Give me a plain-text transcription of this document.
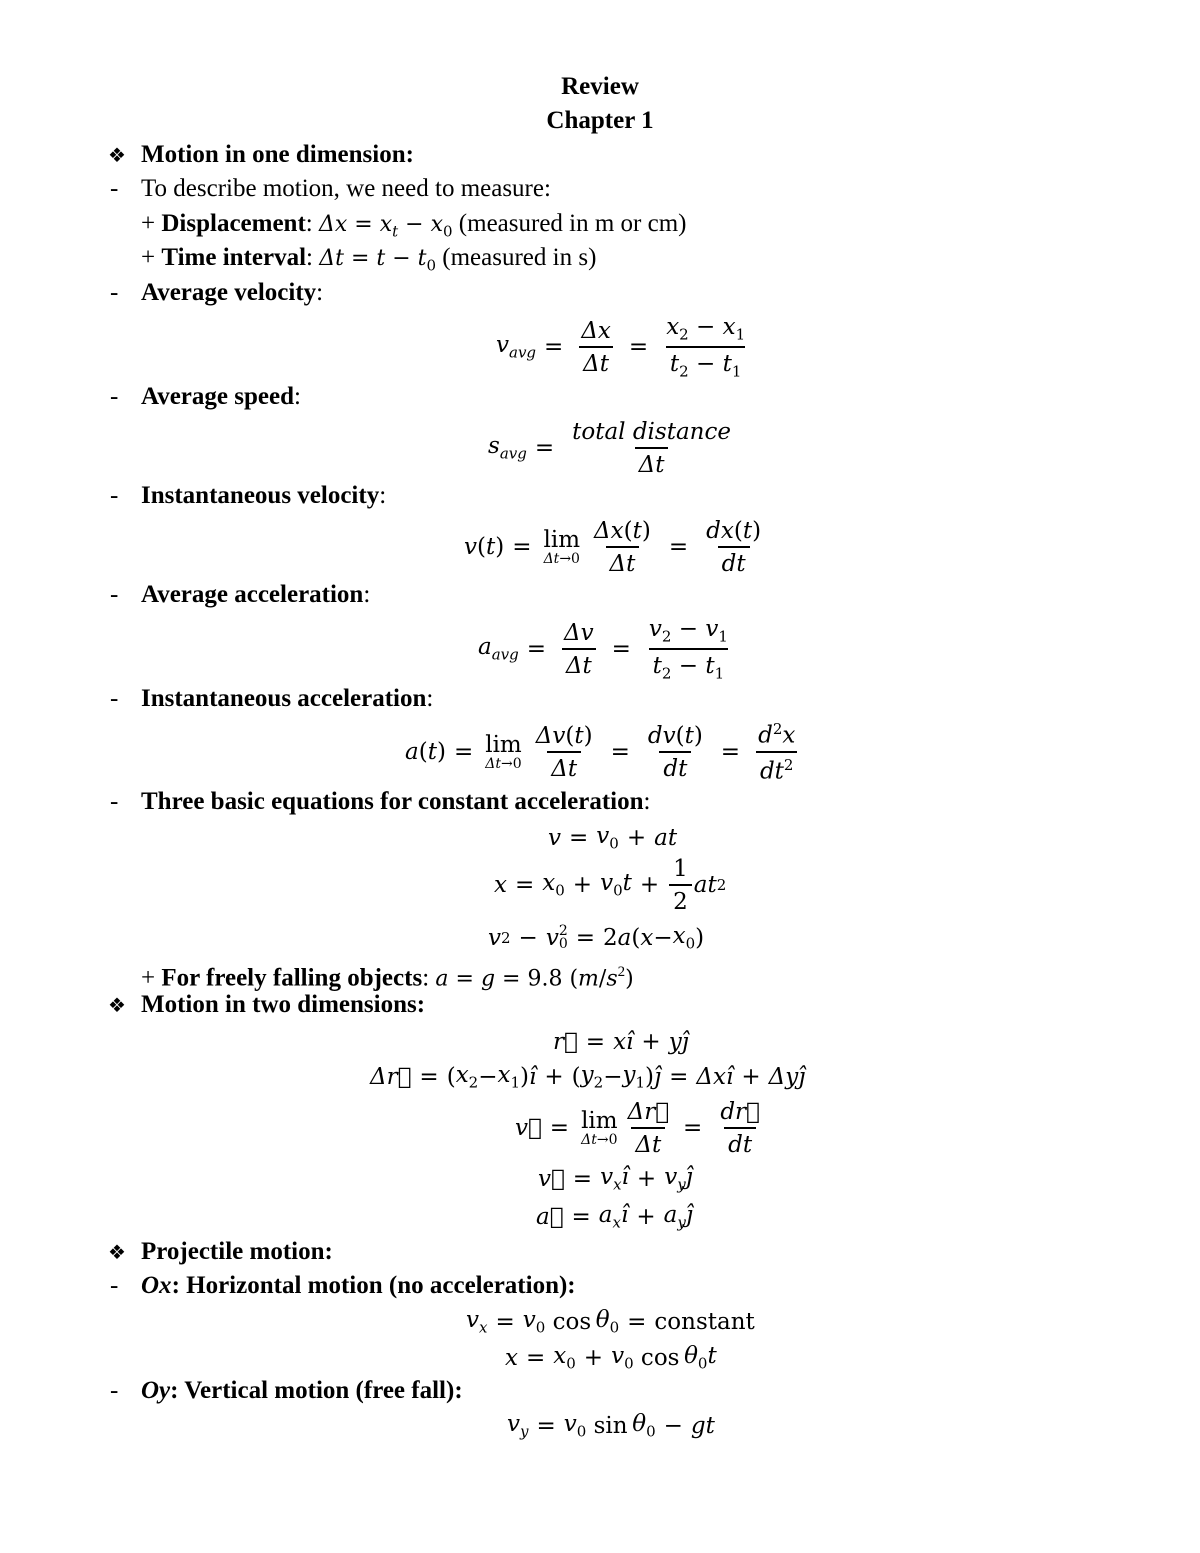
Review
Chapter 1
❖ Motion in one dimension:
- To describe motion, we need to measure:
+ Displacement: $\Delta x = x_t - x_0$ (measured in m or cm)
+ Time interval: $\Delta t = t - t_0$ (measured in s)
- Average velocity:
$v_{avg} = \frac{\Delta x}{\Delta t} = \frac{x_2 - x_1}{t_2 - t_1}$
- Average speed:
$s_{avg} = \frac{\text{total distance}}{\Delta t}$
- Instantaneous velocity:
v ( t ) = lim
$\Delta t\to 0 \frac{\Delta x(t)}{\Delta t} = \frac{dx(t)}{dt}$
- Average acceleration:
$a_{avg} = \frac{\Delta v}{\Delta t} = \frac{v_2 - v_1}{t_2 - t_1}$
- Instantaneous acceleration:
a ( t ) = lim
$\Delta t\to 0 \frac{\Delta v(t)}{\Delta t} = \frac{dv(t)}{dt} = \frac{d^2x}{dt^2}$
- Three basic equations for constant acceleration:
$v = v_0$ + at
$x = x_0 + v_0t + \frac{1}{2}$ at 2
v 2 − v 2
0 = 2 a ( $x - x_0$ )
+ For freely falling objects: a = g = 9.8 $(m/s^2)$
❖ Motion in two dimensions:
r⃗ = xî + yĵ
Δr⃗ = ( $x_2 - x_1$ ) î + ( $y_2 - y_1$ ) ĵ = Δxî + Δyĵ
v⃗ = lim
$\Delta t\to 0 \frac{\Delta r⃗}{\Delta t} = \frac{dr⃗}{dt}$
v⃗ = $v_xî$ + $v_yĵ$
a⃗ = $a_xî$ + $a_yĵ$
❖ Projectile motion:
- Ox: Horizontal motion (no acceleration):
$v_x = v_0$ $\cos \theta_0$ = constant
$x = x_0 + v_0$ $\cos \theta_0t$
- Oy: Vertical motion (free fall):
$v_y = v_0$ $\sin \theta_0$ − gt
